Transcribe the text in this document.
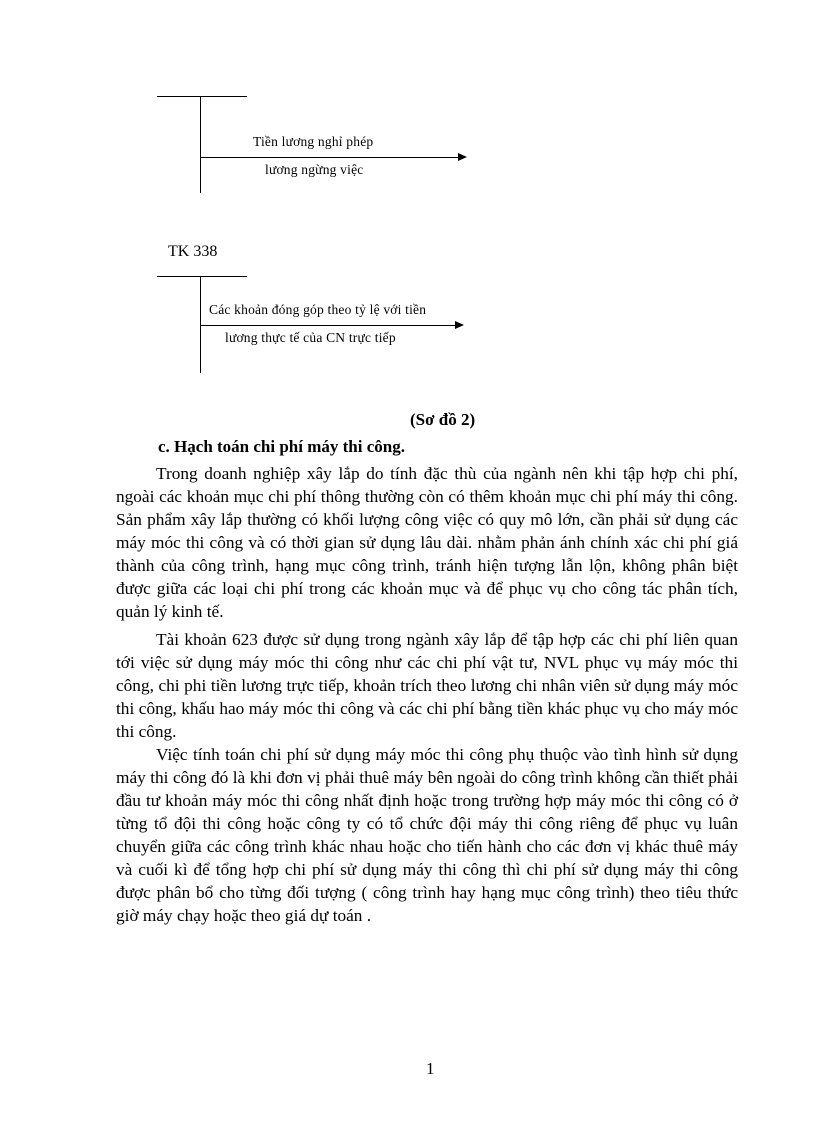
Tiền lương nghỉ phép
lương ngừng việc
TK 338
Các khoản đóng góp theo tỷ lệ với tiền
lương thực tế của CN trực tiếp
(Sơ đồ 2)
c. Hạch toán chi phí máy thi công.

Trong doanh nghiệp xây lắp do tính đặc thù của ngành nên khi tập hợp chi phí, ngoài các khoản mục chi phí thông thường còn có thêm khoản mục chi phí máy thi công. Sản phẩm xây lắp thường có khối lượng công việc có quy mô lớn, cần phải sử dụng các máy móc thi công và có thời gian sử dụng lâu dài. nhằm phản ánh chính xác chi phí giá thành của công trình, hạng mục công trình, tránh hiện tượng lẫn lộn, không phân biệt được giữa các loại chi phí trong các khoản mục và để phục vụ cho công tác phân tích, quản lý kinh tế.

Tài khoản 623 được sử dụng trong ngành xây lắp để tập hợp các chi phí liên quan tới việc sử dụng máy móc thi công như các chi phí vật tư, NVL phục vụ máy móc thi công, chi phi tiền lương trực tiếp, khoản trích theo lương chi nhân viên sử dụng máy móc thi công, khấu hao máy móc thi công và các chi phí bằng tiền khác phục vụ cho máy móc thi công.

Việc tính toán chi phí sử dụng máy móc thi công phụ thuộc vào tình hình sử dụng máy thi công đó là khi đơn vị phải thuê máy bên ngoài do công trình không cần thiết phải đầu tư khoản máy móc thi công nhất định hoặc trong trường hợp máy móc thi công có ở từng tổ đội thi công hoặc công ty có tổ chức đội máy thi công riêng để phục vụ luân chuyển giữa các công trình khác nhau hoặc cho tiến hành cho các đơn vị khác thuê máy và cuối kì để tổng hợp chi phí sử dụng máy thi công thì chi phí sử dụng máy thi công được phân bổ cho từng đối tượng ( công trình hay hạng mục công trình) theo tiêu thức giờ máy chạy hoặc theo giá dự toán .

1
